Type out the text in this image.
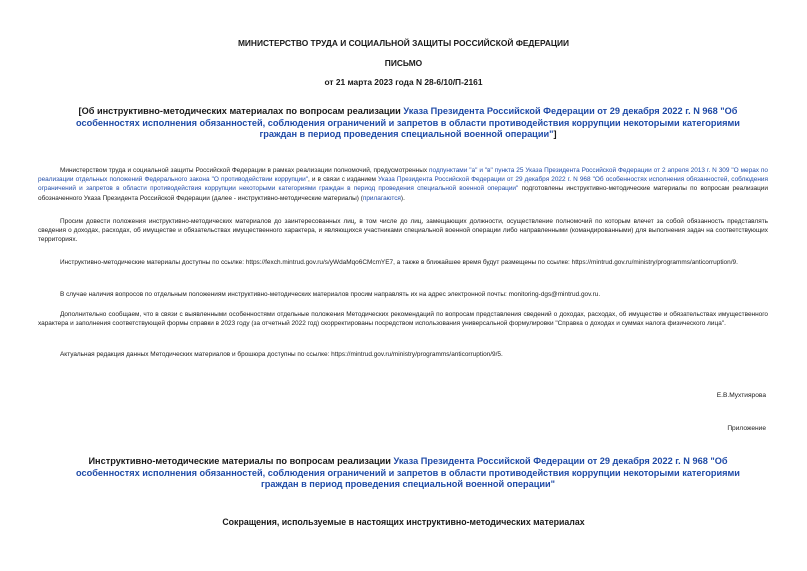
МИНИСТЕРСТВО ТРУДА И СОЦИАЛЬНОЙ ЗАЩИТЫ РОССИЙСКОЙ ФЕДЕРАЦИИ
ПИСЬМО
от 21 марта 2023 года N 28-6/10/П-2161
[Об инструктивно-методических материалах по вопросам реализации Указа Президента Российской Федерации от 29 декабря 2022 г. N 968 "Об особенностях исполнения обязанностей, соблюдения ограничений и запретов в области противодействия коррупции некоторыми категориями граждан в период проведения специальной военной операции"]

Министерством труда и социальной защиты Российской Федерации в рамках реализации полномочий, предусмотренных подпунктами "а" и "в" пункта 25 Указа Президента Российской Федерации от 2 апреля 2013 г. N 309 "О мерах по реализации отдельных положений Федерального закона "О противодействии коррупции", и в связи с изданием Указа Президента Российской Федерации от 29 декабря 2022 г. N 968 "Об особенностях исполнения обязанностей, соблюдения ограничений и запретов в области противодействия коррупции некоторыми категориями граждан в период проведения специальной военной операции" подготовлены инструктивно-методические материалы по вопросам реализации обозначенного Указа Президента Российской Федерации (далее - инструктивно-методические материалы) (прилагаются).

Просим довести положения инструктивно-методических материалов до заинтересованных лиц, в том числе до лиц, замещающих должности, осуществление полномочий по которым влечет за собой обязанность представлять сведения о доходах, расходах, об имуществе и обязательствах имущественного характера, и являющихся участниками специальной военной операции либо направленными (командированными) для выполнения задач на соответствующих территориях.

Инструктивно-методические материалы доступны по ссылке: https://fexch.mintrud.gov.ru/s/yWdaMqo6CMcmYE7, а также в ближайшее время будут размещены по ссылке: https://mintrud.gov.ru/ministry/programms/anticorruption/9.

В случае наличия вопросов по отдельным положениям инструктивно-методических материалов просим направлять их на адрес электронной почты: monitoring-dgs@mintrud.gov.ru.

Дополнительно сообщаем, что в связи с выявленными особенностями отдельные положения Методических рекомендаций по вопросам представления сведений о доходах, расходах, об имуществе и обязательствах имущественного характера и заполнения соответствующей формы справки в 2023 году (за отчетный 2022 год) скорректированы посредством использования универсальной формулировки "Справка о доходах и суммах налога физического лица".

Актуальная редакция данных Методических материалов и брошюра доступны по ссылке: https://mintrud.gov.ru/ministry/programms/anticorruption/9/5.

Е.В.Мухтиярова
Приложение
Инструктивно-методические материалы по вопросам реализации Указа Президента Российской Федерации от 29 декабря 2022 г. N 968 "Об особенностях исполнения обязанностей, соблюдения ограничений и запретов в области противодействия коррупции некоторыми категориями граждан в период проведения специальной военной операции"
Сокращения, используемые в настоящих инструктивно-методических материалах
